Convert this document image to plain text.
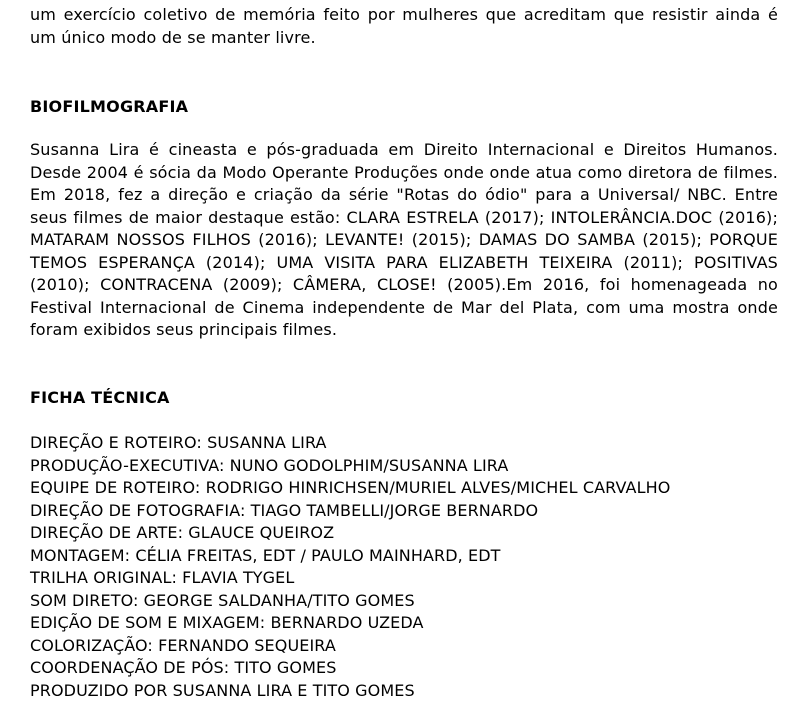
um exercício coletivo de memória feito por mulheres que acreditam que resistir ainda é um único modo de se manter livre.

BIOFILMOGRAFIA

Susanna Lira é cineasta e pós-graduada em Direito Internacional e Direitos Humanos. Desde 2004 é sócia da Modo Operante Produções onde onde atua como diretora de filmes. Em 2018, fez a direção e criação da série "Rotas do ódio" para a Universal/ NBC. Entre seus filmes de maior destaque estão: CLARA ESTRELA (2017); INTOLERÂNCIA.DOC (2016); MATARAM NOSSOS FILHOS (2016); LEVANTE! (2015); DAMAS DO SAMBA (2015); PORQUE TEMOS ESPERANÇA (2014); UMA VISITA PARA ELIZABETH TEIXEIRA (2011); POSITIVAS (2010); CONTRACENA (2009); CÂMERA, CLOSE! (2005).Em 2016, foi homenageada no Festival Internacional de Cinema independente de Mar del Plata, com uma mostra onde foram exibidos seus principais filmes.

FICHA TÉCNICA
DIREÇÃO E ROTEIRO: SUSANNA LIRA
PRODUÇÃO-EXECUTIVA: NUNO GODOLPHIM/SUSANNA LIRA
EQUIPE DE ROTEIRO: RODRIGO HINRICHSEN/MURIEL ALVES/MICHEL CARVALHO
DIREÇÃO DE FOTOGRAFIA: TIAGO TAMBELLI/JORGE BERNARDO
DIREÇÃO DE ARTE: GLAUCE QUEIROZ
MONTAGEM: CÉLIA FREITAS, EDT / PAULO MAINHARD, EDT
TRILHA ORIGINAL: FLAVIA TYGEL
SOM DIRETO: GEORGE SALDANHA/TITO GOMES
EDIÇÃO DE SOM E MIXAGEM: BERNARDO UZEDA
COLORIZAÇÃO: FERNANDO SEQUEIRA
COORDENAÇÃO DE PÓS: TITO GOMES
PRODUZIDO POR SUSANNA LIRA E TITO GOMES
